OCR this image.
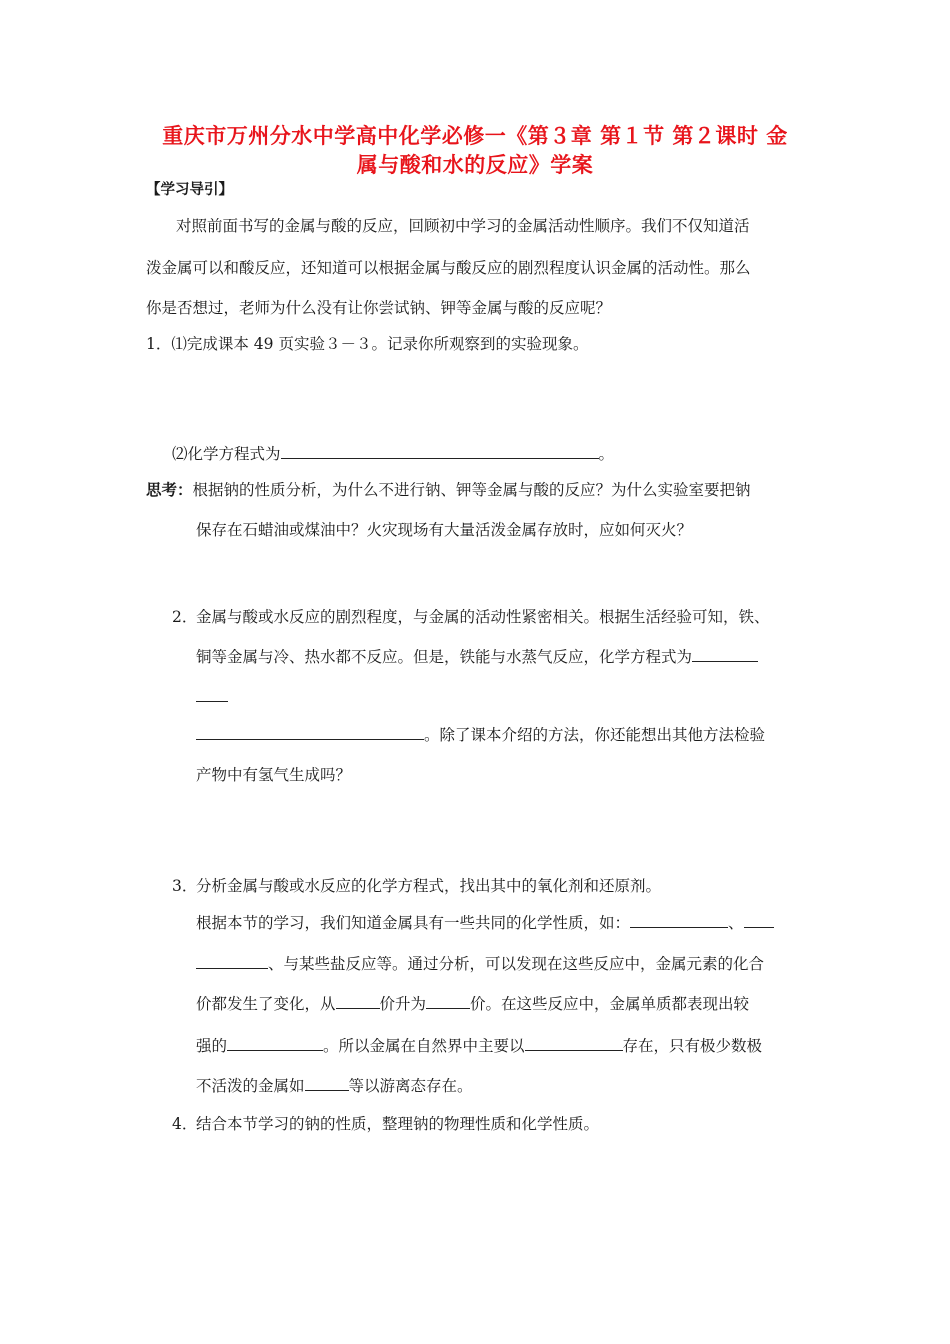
重庆市万州分水中学高中化学必修一《第３章 第１节 第２课时 金
属与酸和水的反应》学案
【学习导引】
对照前面书写的金属与酸的反应，回顾初中学习的金属活动性顺序。我们不仅知道活
泼金属可以和酸反应，还知道可以根据金属与酸反应的剧烈程度认识金属的活动性。那么
你是否想过，老师为什么没有让你尝试钠、钾等金属与酸的反应呢？
1．⑴完成课本 49 页实验３－３。记录你所观察到的实验现象。
⑵化学方程式为	。
思考：根据钠的性质分析，为什么不进行钠、钾等金属与酸的反应？为什么实验室要把钠
保存在石蜡油或煤油中？火灾现场有大量活泼金属存放时，应如何灭火？
2．
金属与酸或水反应的剧烈程度，与金属的活动性紧密相关。根据生活经验可知，铁、
铜等金属与冷、热水都不反应。但是，铁能与水蒸气反应，化学方程式为
。除了课本介绍的方法，你还能想出其他方法检验
产物中有氢气生成吗？
3．
分析金属与酸或水反应的化学方程式，找出其中的氧化剂和还原剂。
根据本节的学习，我们知道金属具有一些共同的化学性质，如：	、
、与某些盐反应等。通过分析，可以发现在这些反应中，金属元素的化合
价都发生了变化，从	价升为	价。在这些反应中，金属单质都表现出较
强的	。所以金属在自然界中主要以	存在，只有极少数极
不活泼的金属如	等以游离态存在。
4．
结合本节学习的钠的性质，整理钠的物理性质和化学性质。
